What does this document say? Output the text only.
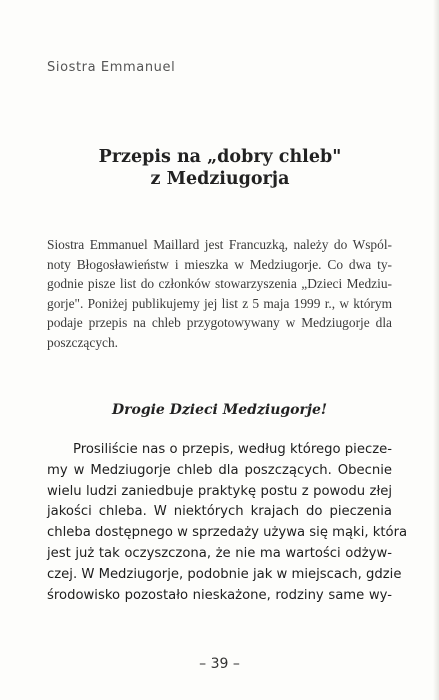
Siostra Emmanuel
Przepis na „dobry chleb"
z Medziugorja
Siostra Emmanuel Maillard jest Francuzką, należy do Wspól-
noty Błogosławieństw i mieszka w Medziugorje. Co dwa ty-
godnie pisze list do członków stowarzyszenia „Dzieci Medziu-
gorje". Poniżej publikujemy jej list z 5 maja 1999 r., w którym
podaje przepis na chleb przygotowywany w Medziugorje dla
poszczących.
Drogie Dzieci Medziugorje!
Prosiliście nas o przepis, według którego piecze-
my w Medziugorje chleb dla poszczących. Obecnie
wielu ludzi zaniedbuje praktykę postu z powodu złej
jakości chleba. W niektórych krajach do pieczenia
chleba dostępnego w sprzedaży używa się mąki, która
jest już tak oczyszczona, że nie ma wartości odżyw-
czej. W Medziugorje, podobnie jak w miejscach, gdzie
środowisko pozostało nieskażone, rodziny same wy-
– 39 –
